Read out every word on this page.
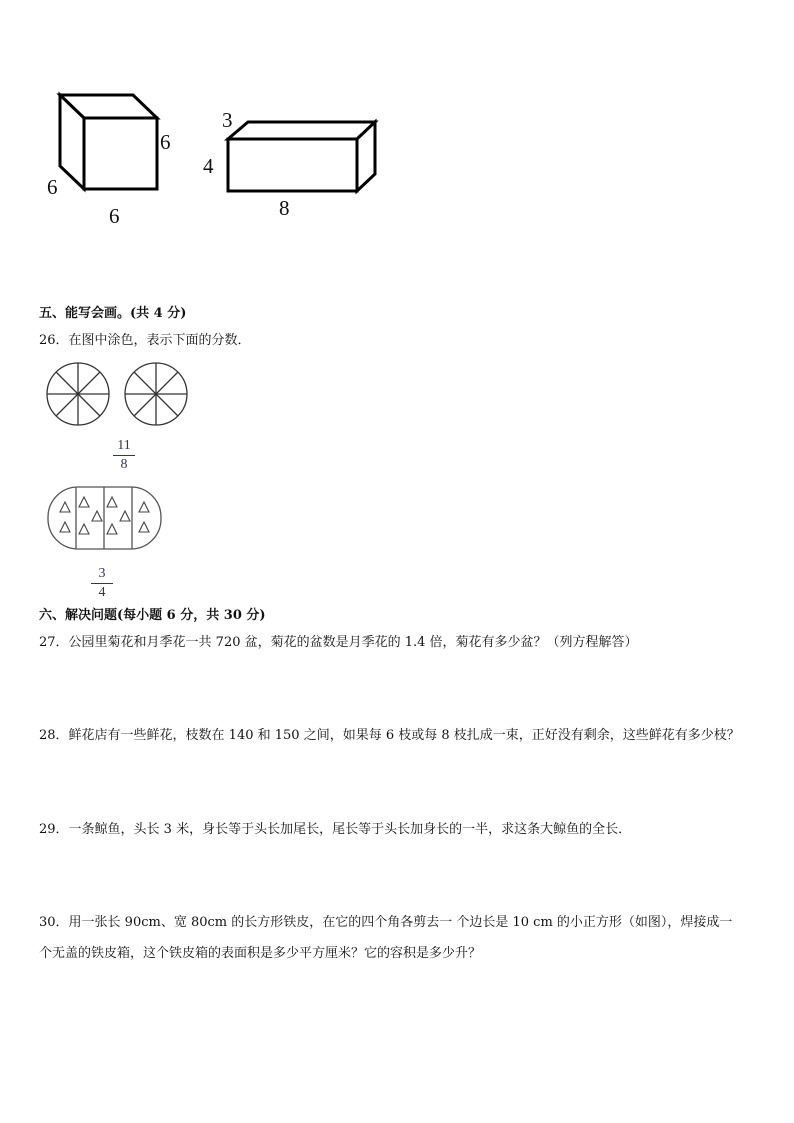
6
6
6
3
4
8
五、能写会画。(共 4 分)
26．在图中涂色，表示下面的分数．
11
8
3
4
六、解决问题(每小题 6 分，共 30 分)
27．公园里菊花和月季花一共 720 盆，菊花的盆数是月季花的 1.4 倍，菊花有多少盆？（列方程解答）
28．鲜花店有一些鲜花，枝数在 140 和 150 之间，如果每 6 枝或每 8 枝扎成一束，正好没有剩余，这些鲜花有多少枝？
29．一条鲸鱼，头长 3 米，身长等于头长加尾长，尾长等于头长加身长的一半，求这条大鲸鱼的全长．
30．用一张长 90cm、宽 80cm 的长方形铁皮，在它的四个角各剪去一 个边长是 10 cm 的小正方形（如图），焊接成一
个无盖的铁皮箱，这个铁皮箱的表面积是多少平方厘米？它的容积是多少升？
